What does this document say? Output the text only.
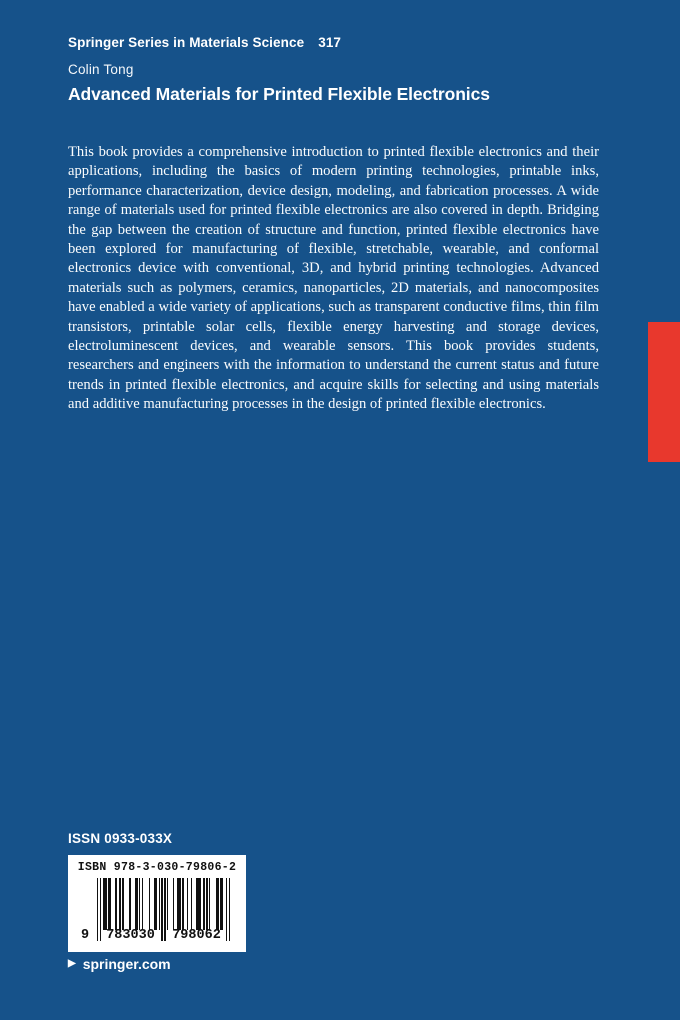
Springer Series in Materials Science 317
Colin Tong
Advanced Materials for Printed Flexible Electronics
This book provides a comprehensive introduction to printed flexible electronics and their applications, including the basics of modern printing technologies, printable inks, performance characterization, device design, modeling, and fabrication processes. A wide range of materials used for printed flexible electronics are also covered in depth. Bridging the gap between the creation of structure and function, printed flexible electronics have been explored for manufacturing of flexible, stretchable, wearable, and conformal electronics device with conventional, 3D, and hybrid printing technologies. Advanced materials such as polymers, ceramics, nanoparticles, 2D materials, and nanocomposites have enabled a wide variety of applications, such as transparent conductive films, thin film transistors, printable solar cells, flexible energy harvesting and storage devices, electroluminescent devices, and wearable sensors. This book provides students, researchers and engineers with the information to understand the current status and future trends in printed flexible electronics, and acquire skills for selecting and using materials and additive manufacturing processes in the design of printed flexible electronics.
ISSN 0933-033X
ISBN 978-3-030-79806-2
9	783030	798062
▶ springer.com
